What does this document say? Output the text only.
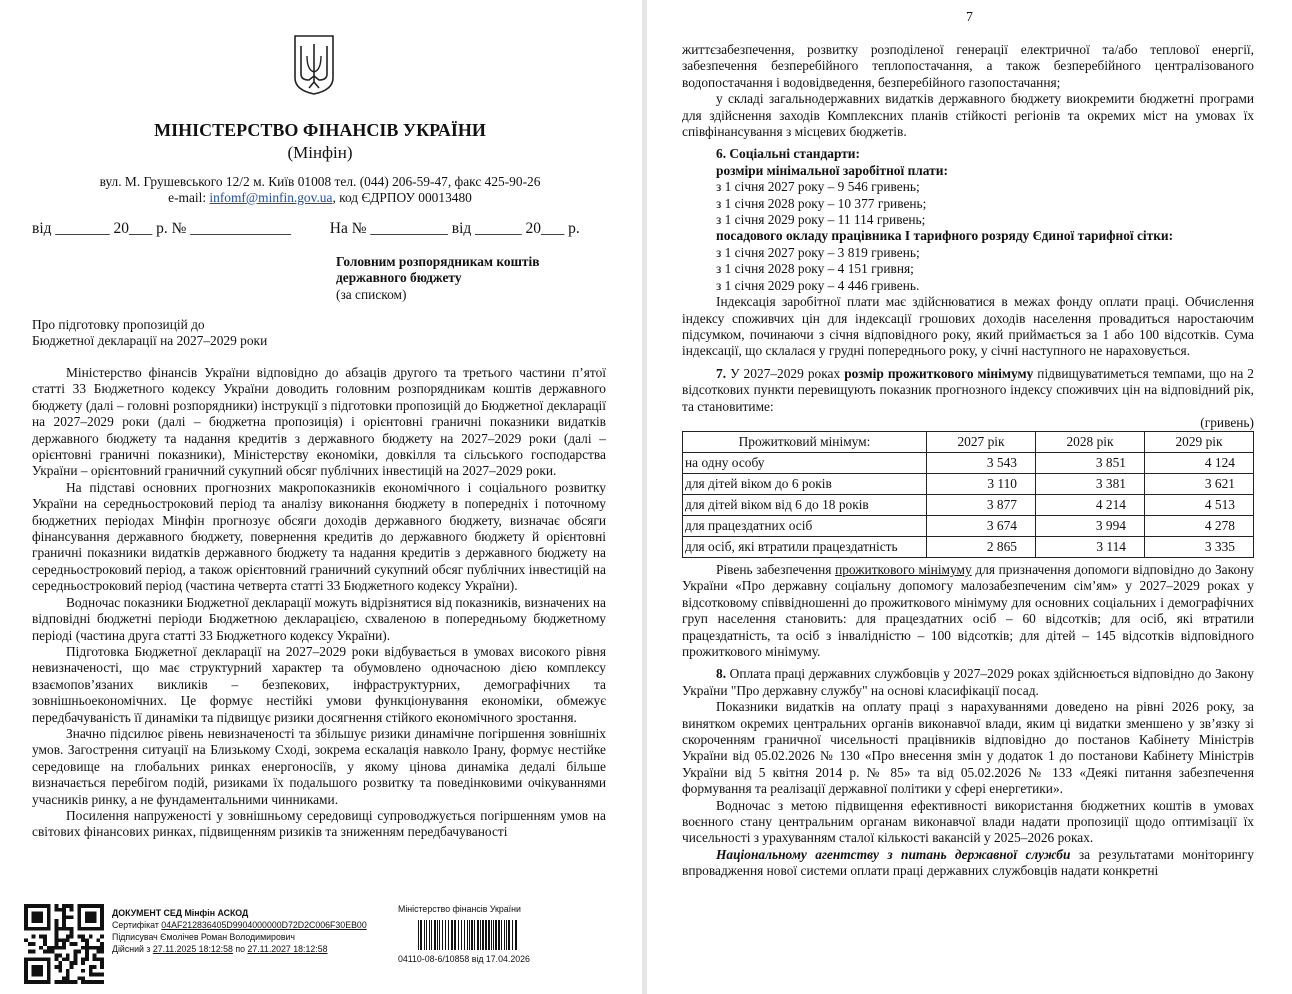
МІНІСТЕРСТВО ФІНАНСІВ УКРАЇНИ
(Мінфін)
вул. М. Грушевського 12/2 м. Київ 01008 тел. (044) 206-59-47, факс 425-90-26
e-mail: infomf@minfin.gov.ua, код ЄДРПОУ 00013480
від _______ 20___ р. № _____________          На № __________ від ______ 20___ р.
Головним розпорядникам коштів
державного бюджету
(за списком)
Про підготовку пропозицій до
Бюджетної декларації на 2027–2029 роки

Міністерство фінансів України відповідно до абзаців другого та третього частини п’ятої статті 33 Бюджетного кодексу України доводить головним розпорядникам коштів державного бюджету (далі – головні розпорядники) інструкції з підготовки пропозицій до Бюджетної декларації на 2027–2029 роки (далі – бюджетна пропозиція) і орієнтовні граничні показники видатків державного бюджету та надання кредитів з державного бюджету на 2027–2029 роки (далі – орієнтовні граничні показники), Міністерству економіки, довкілля та сільського господарства України – орієнтовний граничний сукупний обсяг публічних інвестицій на 2027–2029 роки.

На підставі основних прогнозних макропоказників економічного і соціального розвитку України на середньостроковий період та аналізу виконання бюджету в попередніх і поточному бюджетних періодах Мінфін прогнозує обсяги доходів державного бюджету, визначає обсяги фінансування державного бюджету, повернення кредитів до державного бюджету й орієнтовні граничні показники видатків державного бюджету та надання кредитів з державного бюджету на середньостроковий період, а також орієнтовний граничний сукупний обсяг публічних інвестицій на середньостроковий період (частина четверта статті 33 Бюджетного кодексу України).

Водночас показники Бюджетної декларації можуть відрізнятися від показників, визначених на відповідні бюджетні періоди Бюджетною декларацією, схваленою в попередньому бюджетному періоді (частина друга статті 33 Бюджетного кодексу України).

Підготовка Бюджетної декларації на 2027–2029 роки відбувається в умовах високого рівня невизначеності, що має структурний характер та обумовлено одночасною дією комплексу взаємопов’язаних викликів – безпекових, інфраструктурних, демографічних та зовнішньоекономічних. Це формує нестійкі умови функціонування економіки, обмежує передбачуваність її динаміки та підвищує ризики досягнення стійкого економічного зростання.

Значно підсилює рівень невизначеності та збільшує ризики динамічне погіршення зовнішніх умов. Загострення ситуації на Близькому Сході, зокрема ескалація навколо Ірану, формує нестійке середовище на глобальних ринках енергоносіїв, у якому цінова динаміка дедалі більше визначається перебігом подій, ризиками їх подальшого розвитку та поведінковими очікуваннями учасників ринку, а не фундаментальними чинниками.

Посилення напруженості у зовнішньому середовищі супроводжується погіршенням умов на світових фінансових ринках, підвищенням ризиків та зниженням передбачуваності

ДОКУМЕНТ СЕД Мінфін АСКОД
Сертифікат 04AF212836405D9904000000D72D2C006F30EB00
Підписувач Ємолічев Роман Володимирович
Дійсний з 27.11.2025 18:12:58 по 27.11.2027 18:12:58
Міністерство фінансів України
04110-08-6/10858 від 17.04.2026
7

життєзабезпечення, розвитку розподіленої генерації електричної та/або теплової енергії, забезпечення безперебійного теплопостачання, а також безперебійного централізованого водопостачання і водовідведення, безперебійного газопостачання;

у складі загальнодержавних видатків державного бюджету виокремити бюджетні програми для здійснення заходів Комплексних планів стійкості регіонів та окремих міст на умовах їх співфінансування з місцевих бюджетів.

6. Соціальні стандарти:

розміри мінімальної заробітної плати:

з 1 січня 2027 року – 9 546 гривень;

з 1 січня 2028 року – 10 377 гривень;

з 1 січня 2029 року – 11 114 гривень;

посадового окладу працівника І тарифного розряду Єдиної тарифної сітки:

з 1 січня 2027 року – 3 819 гривень;

з 1 січня 2028 року – 4 151 гривня;

з 1 січня 2029 року – 4 446 гривень.

Індексація заробітної плати має здійснюватися в межах фонду оплати праці. Обчислення індексу споживчих цін для індексації грошових доходів населення провадиться наростаючим підсумком, починаючи з січня відповідного року, який приймається за 1 або 100 відсотків. Сума індексації, що склалася у грудні попереднього року, у січні наступного не нараховується.

7. У 2027–2029 роках розмір прожиткового мінімуму підвищуватиметься темпами, що на 2 відсоткових пункти перевищують показник прогнозного індексу споживчих цін на відповідний рік, та становитиме:

(гривень)

Прожитковий мінімум:	2027 рік	2028 рік	2029 рік
на одну особу	3 543	3 851	4 124
для дітей віком до 6 років	3 110	3 381	3 621
для дітей віком від 6 до 18 років	3 877	4 214	4 513
для працездатних осіб	3 674	3 994	4 278
для осіб, які втратили працездатність	2 865	3 114	3 335

Рівень забезпечення прожиткового мінімуму для призначення допомоги відповідно до Закону України «Про державну соціальну допомогу малозабезпеченим сім’ям» у 2027–2029 роках у відсотковому співвідношенні до прожиткового мінімуму для основних соціальних і демографічних груп населення становить: для працездатних осіб – 60 відсотків; для осіб, які втратили працездатність, та осіб з інвалідністю – 100 відсотків; для дітей – 145 відсотків відповідного прожиткового мінімуму.

8. Оплата праці державних службовців у 2027–2029 роках здійснюється відповідно до Закону України "Про державну службу" на основі класифікації посад.

Показники видатків на оплату праці з нарахуваннями доведено на рівні 2026 року, за винятком окремих центральних органів виконавчої влади, яким ці видатки зменшено у зв’язку зі скороченням граничної чисельності працівників відповідно до постанов Кабінету Міністрів України від 05.02.2026 № 130 «Про внесення змін у додаток 1 до постанови Кабінету Міністрів України від 5 квітня 2014 р. № 85» та від 05.02.2026 № 133 «Деякі питання забезпечення формування та реалізації державної політики у сфері енергетики».

Водночас з метою підвищення ефективності використання бюджетних коштів в умовах воєнного стану центральним органам виконавчої влади надати пропозиції щодо оптимізації їх чисельності з урахуванням сталої кількості вакансій у 2025–2026 роках.

Національному агентству з питань державної служби за результатами моніторингу впровадження нової системи оплати праці державних службовців надати конкретні
